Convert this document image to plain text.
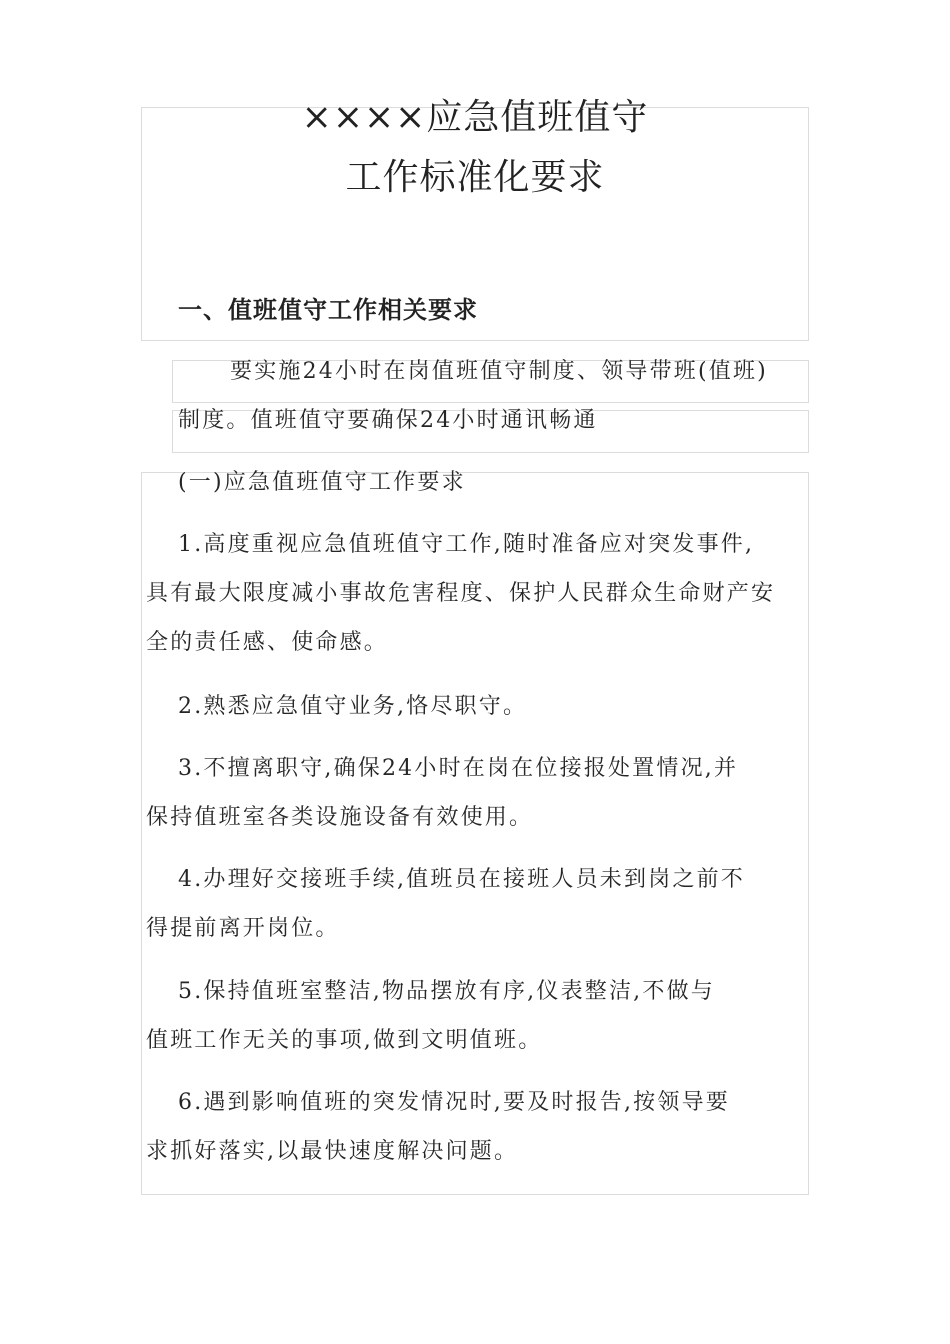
××××应急值班值守
工作标准化要求
一、值班值守工作相关要求
要实施24小时在岗值班值守制度、领导带班(值班)
制度。值班值守要确保24小时通讯畅通
(一)应急值班值守工作要求
1.高度重视应急值班值守工作,随时准备应对突发事件,
具有最大限度减小事故危害程度、保护人民群众生命财产安
全的责任感、使命感。
2.熟悉应急值守业务,恪尽职守。
3.不擅离职守,确保24小时在岗在位接报处置情况,并
保持值班室各类设施设备有效使用。
4.办理好交接班手续,值班员在接班人员未到岗之前不
得提前离开岗位。
5.保持值班室整洁,物品摆放有序,仪表整洁,不做与
值班工作无关的事项,做到文明值班。
6.遇到影响值班的突发情况时,要及时报告,按领导要
求抓好落实,以最快速度解决问题。
